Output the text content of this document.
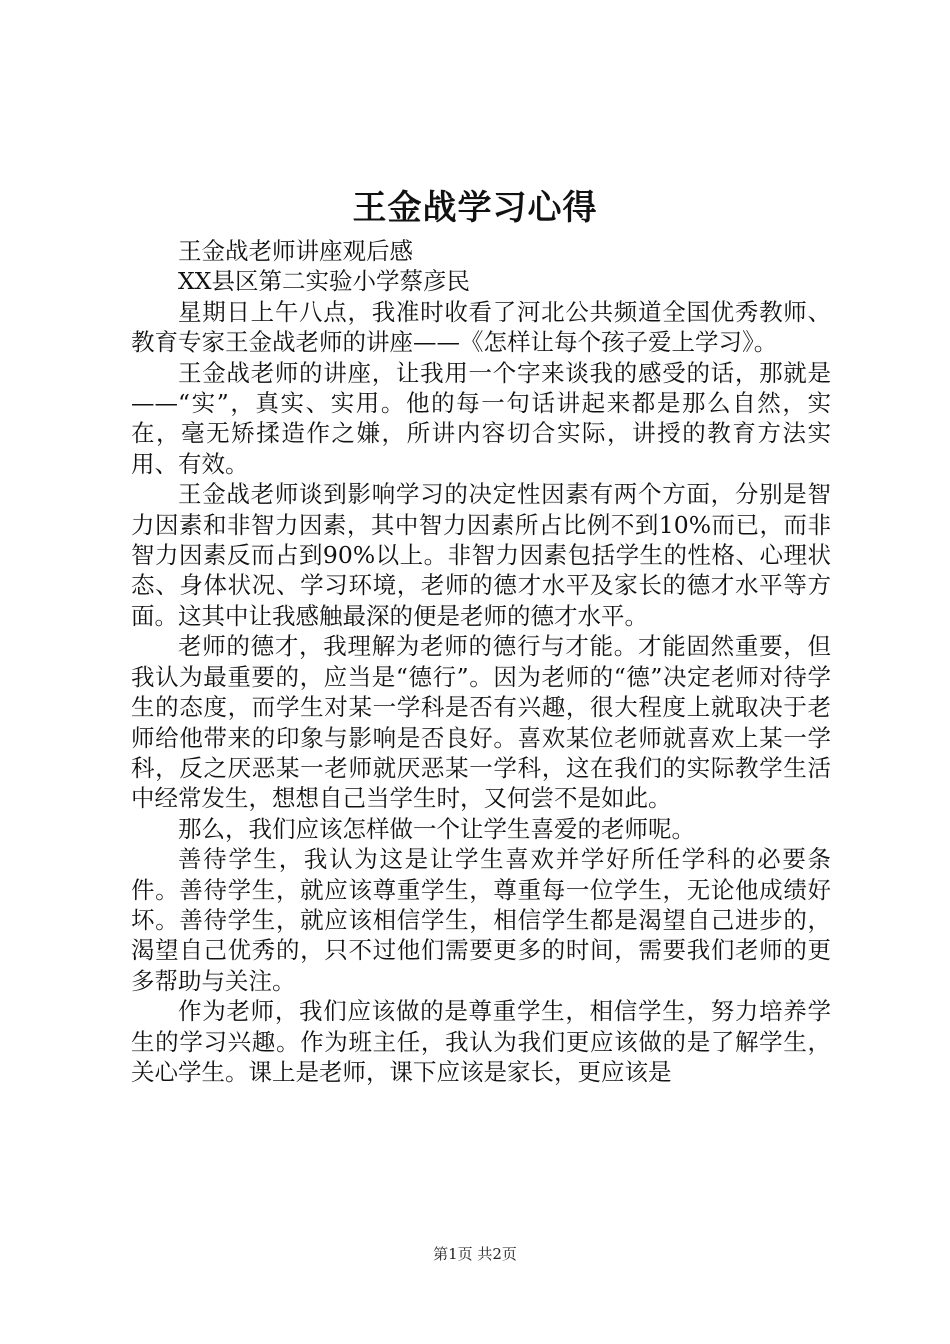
王金战学习心得

王金战老师讲座观后感

XX县区第二实验小学蔡彦民

星期日上午八点，我准时收看了河北公共频道全国优秀教师、教育专家王金战老师的讲座——《怎样让每个孩子爱上学习》。

王金战老师的讲座，让我用一个字来谈我的感受的话，那就是——“实”，真实、实用。他的每一句话讲起来都是那么自然，实在，毫无矫揉造作之嫌，所讲内容切合实际，讲授的教育方法实用、有效。

王金战老师谈到影响学习的决定性因素有两个方面，分别是智力因素和非智力因素，其中智力因素所占比例不到10%而已，而非智力因素反而占到90%以上。非智力因素包括学生的性格、心理状态、身体状况、学习环境，老师的德才水平及家长的德才水平等方面。这其中让我感触最深的便是老师的德才水平。

老师的德才，我理解为老师的德行与才能。才能固然重要，但我认为最重要的，应当是“德行”。因为老师的“德”决定老师对待学生的态度，而学生对某一学科是否有兴趣，很大程度上就取决于老师给他带来的印象与影响是否良好。喜欢某位老师就喜欢上某一学科，反之厌恶某一老师就厌恶某一学科，这在我们的实际教学生活中经常发生，想想自己当学生时，又何尝不是如此。

那么，我们应该怎样做一个让学生喜爱的老师呢。

善待学生，我认为这是让学生喜欢并学好所任学科的必要条件。善待学生，就应该尊重学生，尊重每一位学生，无论他成绩好坏。善待学生，就应该相信学生，相信学生都是渴望自己进步的，渴望自己优秀的，只不过他们需要更多的时间，需要我们老师的更多帮助与关注。

作为老师，我们应该做的是尊重学生，相信学生，努力培养学生的学习兴趣。作为班主任，我认为我们更应该做的是了解学生，关心学生。课上是老师，课下应该是家长，更应该是

第1页 共2页
